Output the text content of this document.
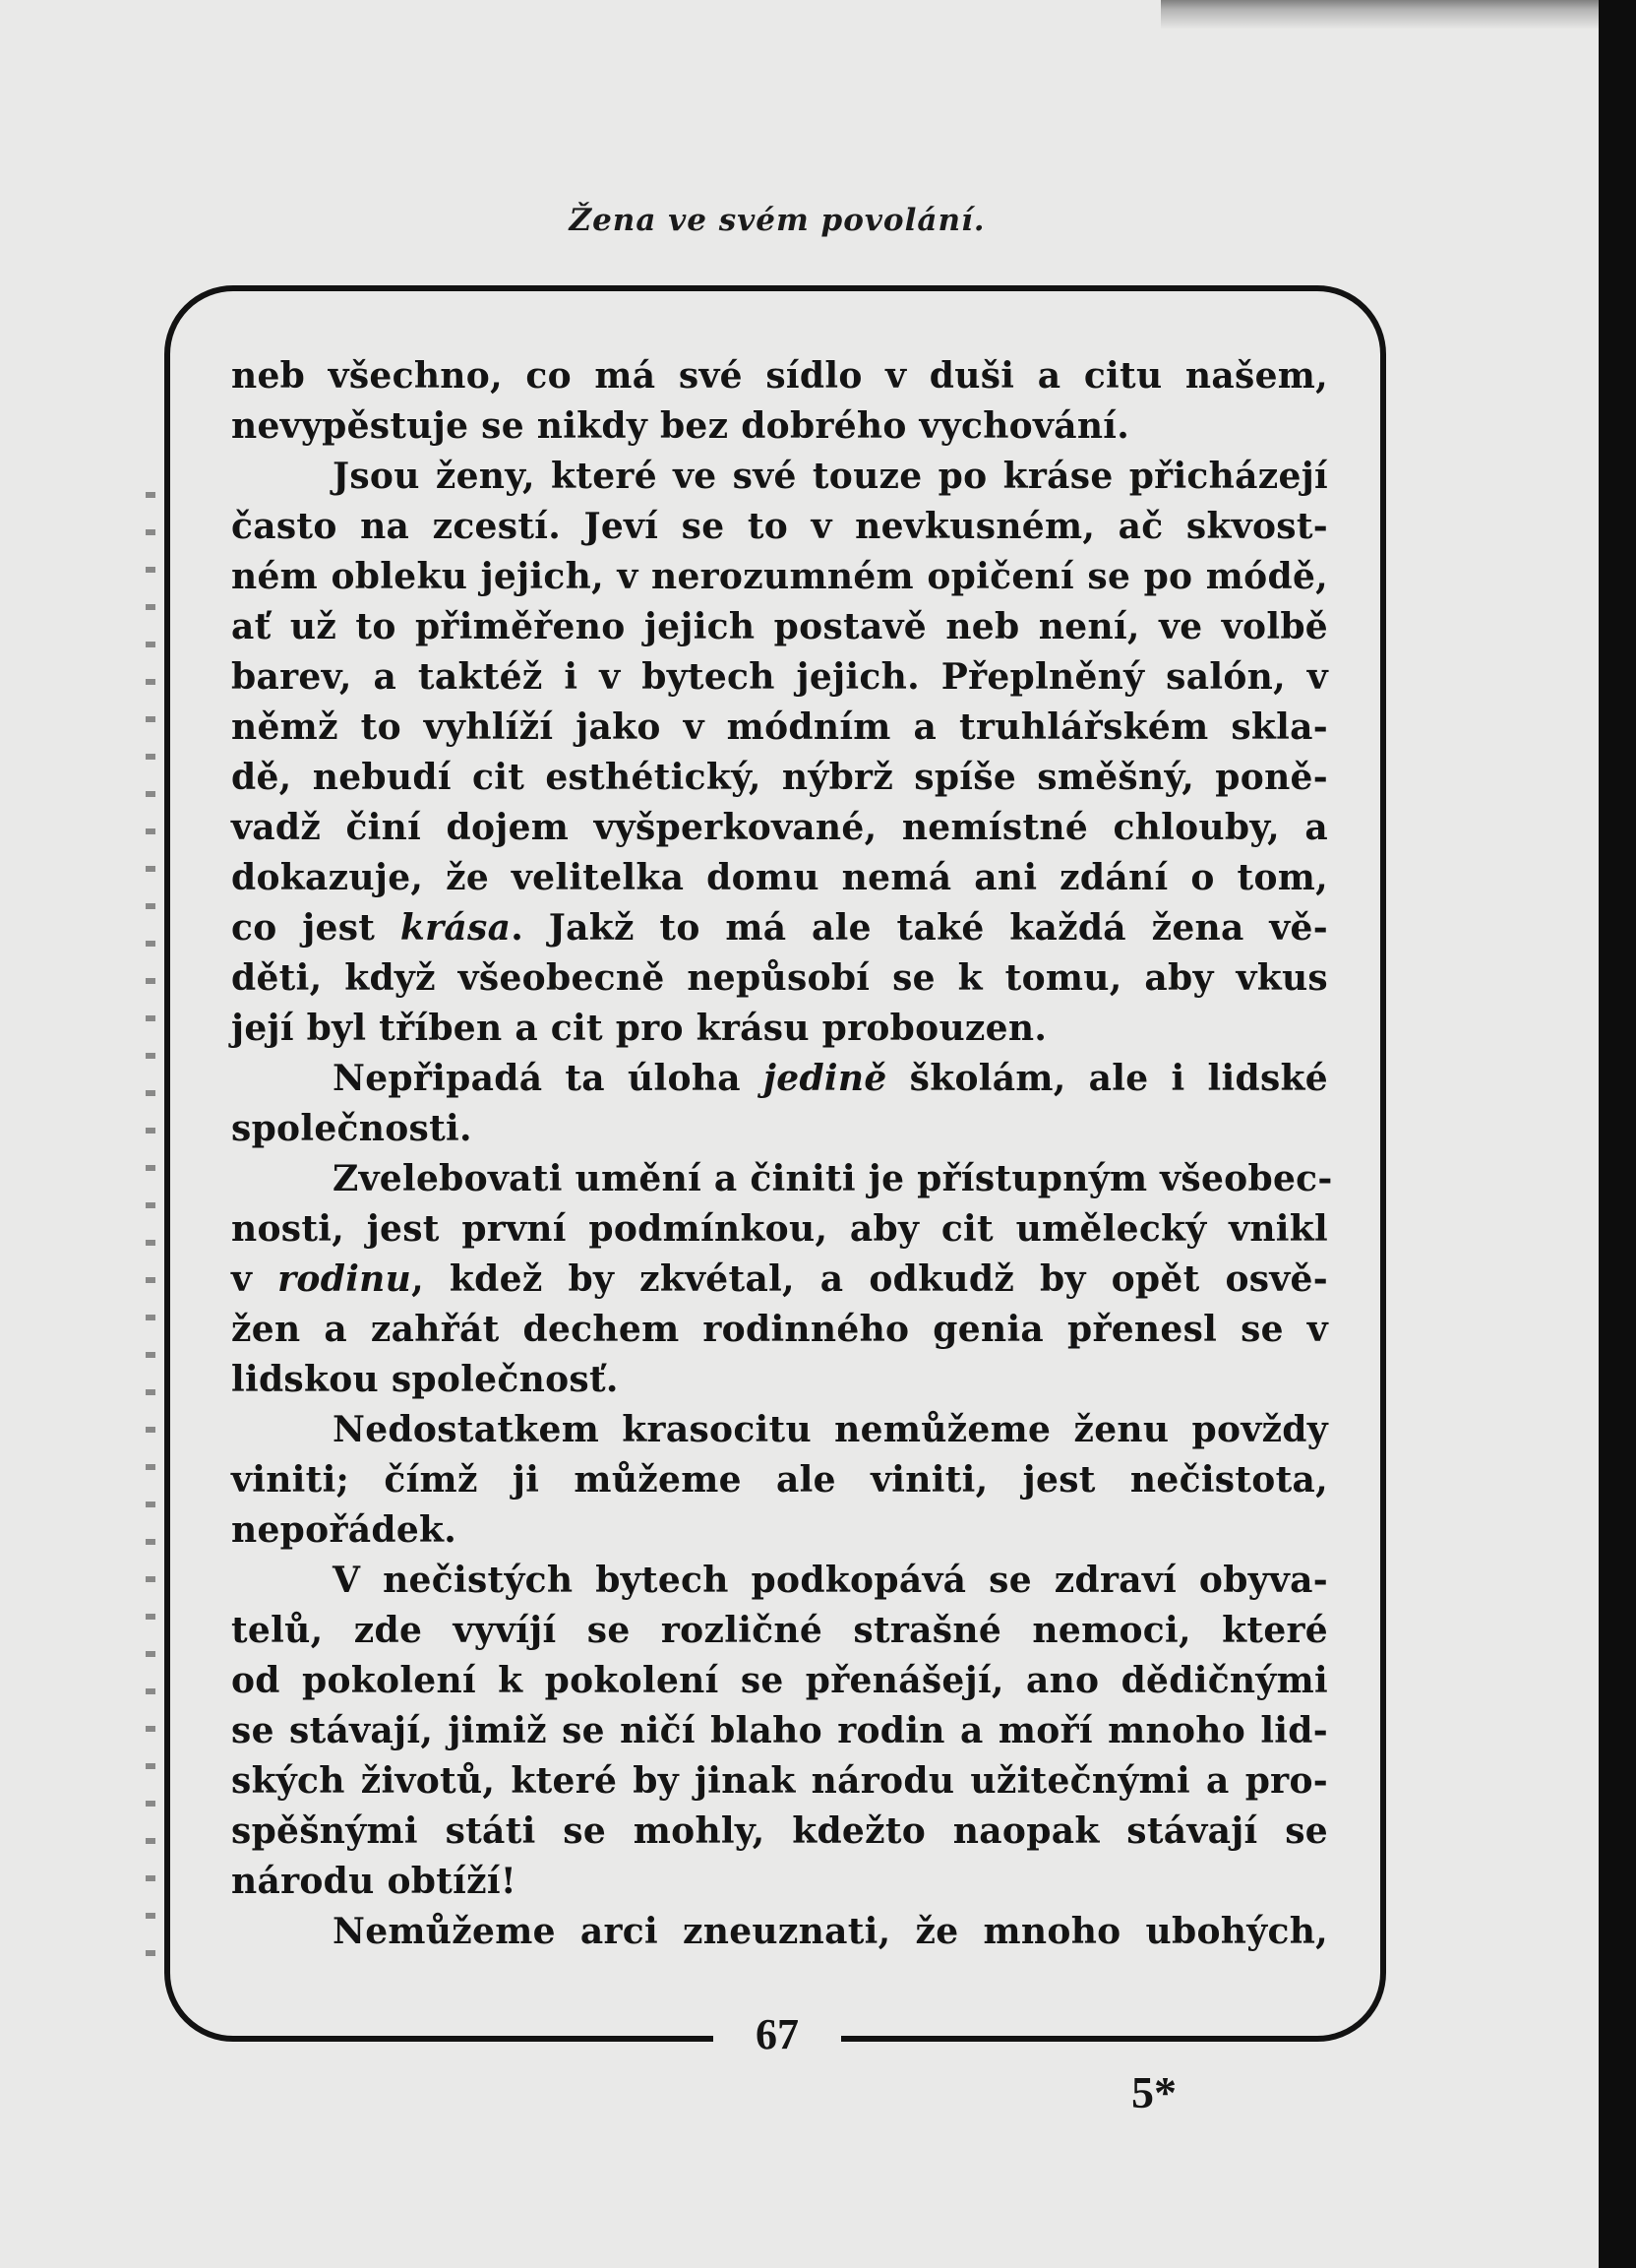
Žena ve svém povolání.
neb všechno, co má své sídlo v duši a citu našem,
nevypěstuje se nikdy bez dobrého vychování.
Jsou ženy, které ve své touze po kráse přicházejí
často na zcestí. Jeví se to v nevkusném, ač skvost-
ném obleku jejich, v nerozumném opičení se po módě,
ať už to přiměřeno jejich postavě neb není, ve volbě
barev, a taktéž i v bytech jejich. Přeplněný salón, v
němž to vyhlíží jako v módním a truhlářském skla-
dě, nebudí cit esthétický, nýbrž spíše směšný, poně-
vadž činí dojem vyšperkované, nemístné chlouby, a
dokazuje, že velitelka domu nemá ani zdání o tom,
co jest krása. Jakž to má ale také každá žena vě-
děti, když všeobecně nepůsobí se k tomu, aby vkus
její byl tříben a cit pro krásu probouzen.
Nepřipadá ta úloha jedině školám, ale i lidské
společnosti.
Zvelebovati umění a činiti je přístupným všeobec-
nosti, jest první podmínkou, aby cit umělecký vnikl
v rodinu, kdež by zkvétal, a odkudž by opět osvě-
žen a zahřát dechem rodinného genia přenesl se v
lidskou společnosť.
Nedostatkem krasocitu nemůžeme ženu povždy
viniti; čímž ji můžeme ale viniti, jest nečistota,
nepořádek.
V nečistých bytech podkopává se zdraví obyva-
telů, zde vyvíjí se rozličné strašné nemoci, které
od pokolení k pokolení se přenášejí, ano dědičnými
se stávají, jimiž se ničí blaho rodin a moří mnoho lid-
ských životů, které by jinak národu užitečnými a pro-
spěšnými státi se mohly, kdežto naopak stávají se
národu obtíží!
Nemůžeme arci zneuznati, že mnoho ubohých,
67
5*
